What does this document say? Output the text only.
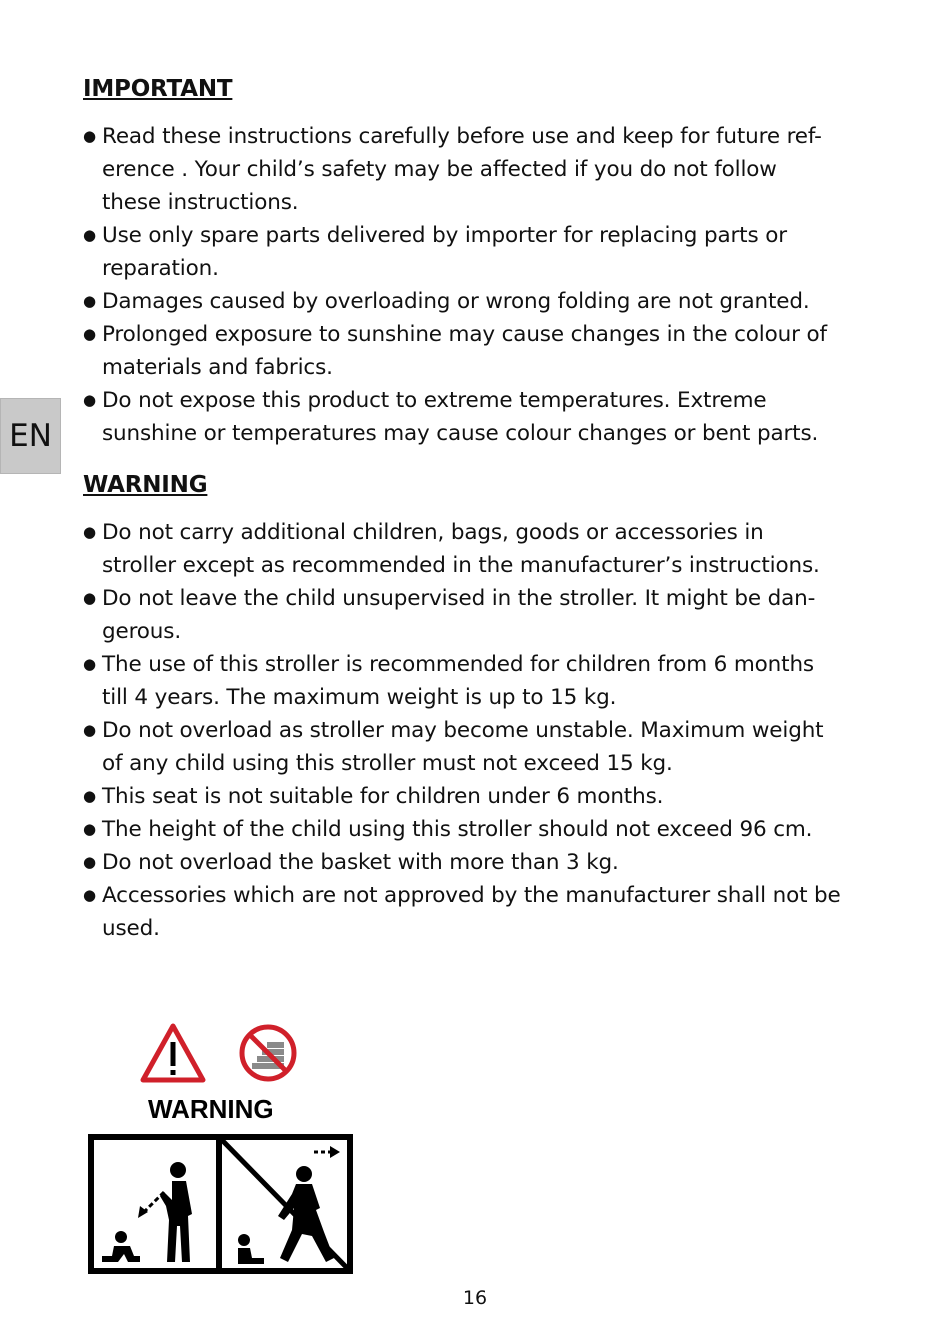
EN
IMPORTANT
● Read these instructions carefully before use and keep for future ref-
erence . Your child’s safety may be affected if you do not follow
these instructions.
● Use only spare parts delivered by importer for replacing parts or
reparation.
● Damages caused by overloading or wrong folding are not granted.
● Prolonged exposure to sunshine may cause changes in the colour of
materials and fabrics.
● Do not expose this product to extreme temperatures. Extreme
sunshine or temperatures may cause colour changes or bent parts.
WARNING
● Do not carry additional children, bags, goods or accessories in
stroller except as recommended in the manufacturer’s instructions.
● Do not leave the child unsupervised in the stroller. It might be dan-
gerous.
● The use of this stroller is recommended for children from 6 months
till 4 years. The maximum weight is up to 15 kg.
● Do not overload as stroller may become unstable. Maximum weight
of any child using this stroller must not exceed 15 kg.
● This seat is not suitable for children under 6 months.
● The height of the child using this stroller should not exceed 96 cm.
● Do not overload the basket with more than 3 kg.
● Accessories which are not approved by the manufacturer shall not be
used.
WARNING
16
